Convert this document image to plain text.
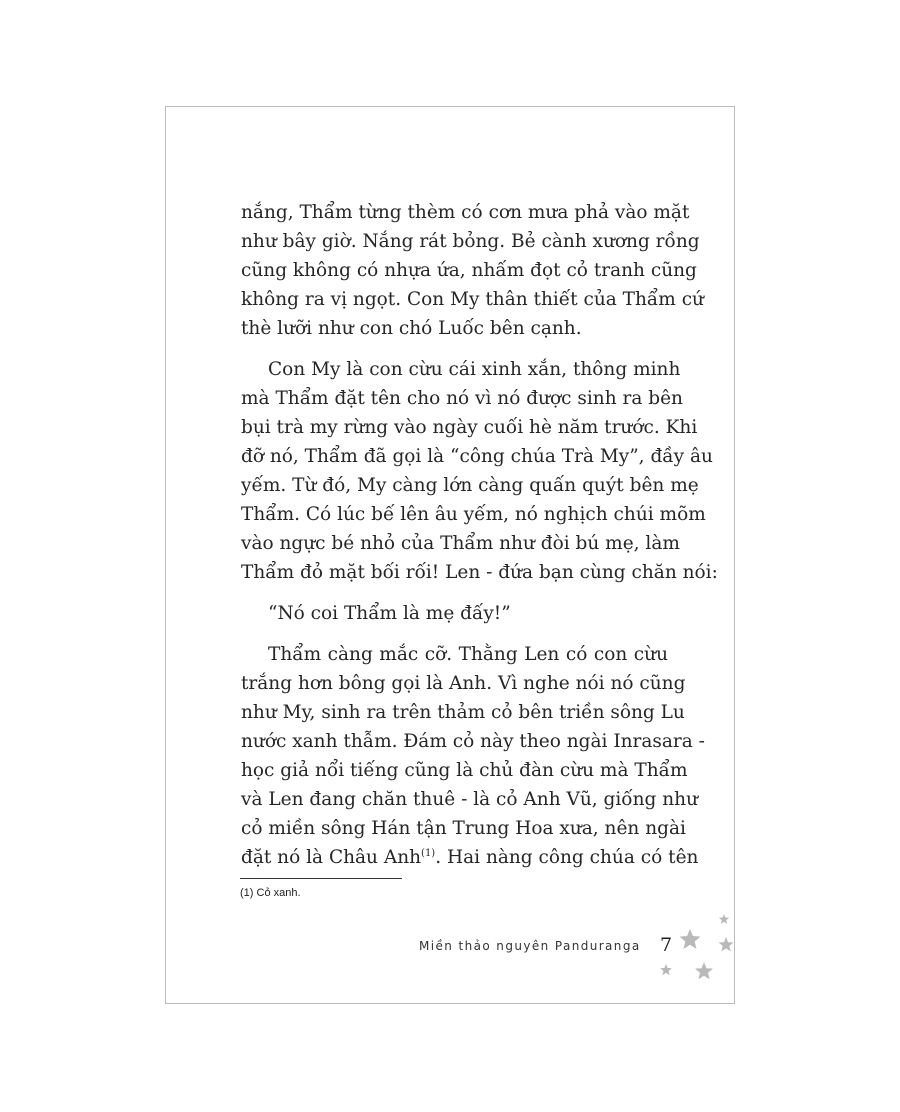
nắng, Thẩm từng thèm có cơn mưa phả vào mặt
như bây giờ. Nắng rát bỏng. Bẻ cành xương rồng
cũng không có nhựa ứa, nhấm đọt cỏ tranh cũng
không ra vị ngọt. Con My thân thiết của Thẩm cứ
thè lưỡi như con chó Luốc bên cạnh.

Con My là con cừu cái xinh xắn, thông minh
mà Thẩm đặt tên cho nó vì nó được sinh ra bên
bụi trà my rừng vào ngày cuối hè năm trước. Khi
đỡ nó, Thẩm đã gọi là “công chúa Trà My”, đầy âu
yếm. Từ đó, My càng lớn càng quấn quýt bên mẹ
Thẩm. Có lúc bế lên âu yếm, nó nghịch chúi mõm
vào ngực bé nhỏ của Thẩm như đòi bú mẹ, làm
Thẩm đỏ mặt bối rối! Len - đứa bạn cùng chăn nói:

“Nó coi Thẩm là mẹ đấy!”

Thẩm càng mắc cỡ. Thằng Len có con cừu
trắng hơn bông gọi là Anh. Vì nghe nói nó cũng
như My, sinh ra trên thảm cỏ bên triền sông Lu
nước xanh thẫm. Đám cỏ này theo ngài Inrasara -
học giả nổi tiếng cũng là chủ đàn cừu mà Thẩm
và Len đang chăn thuê - là cỏ Anh Vũ, giống như
cỏ miền sông Hán tận Trung Hoa xưa, nên ngài
đặt nó là Châu Anh$^{(1)}$. Hai nàng công chúa có tên

(1) Cỏ xanh.
Miền thảo nguyên Panduranga 7
